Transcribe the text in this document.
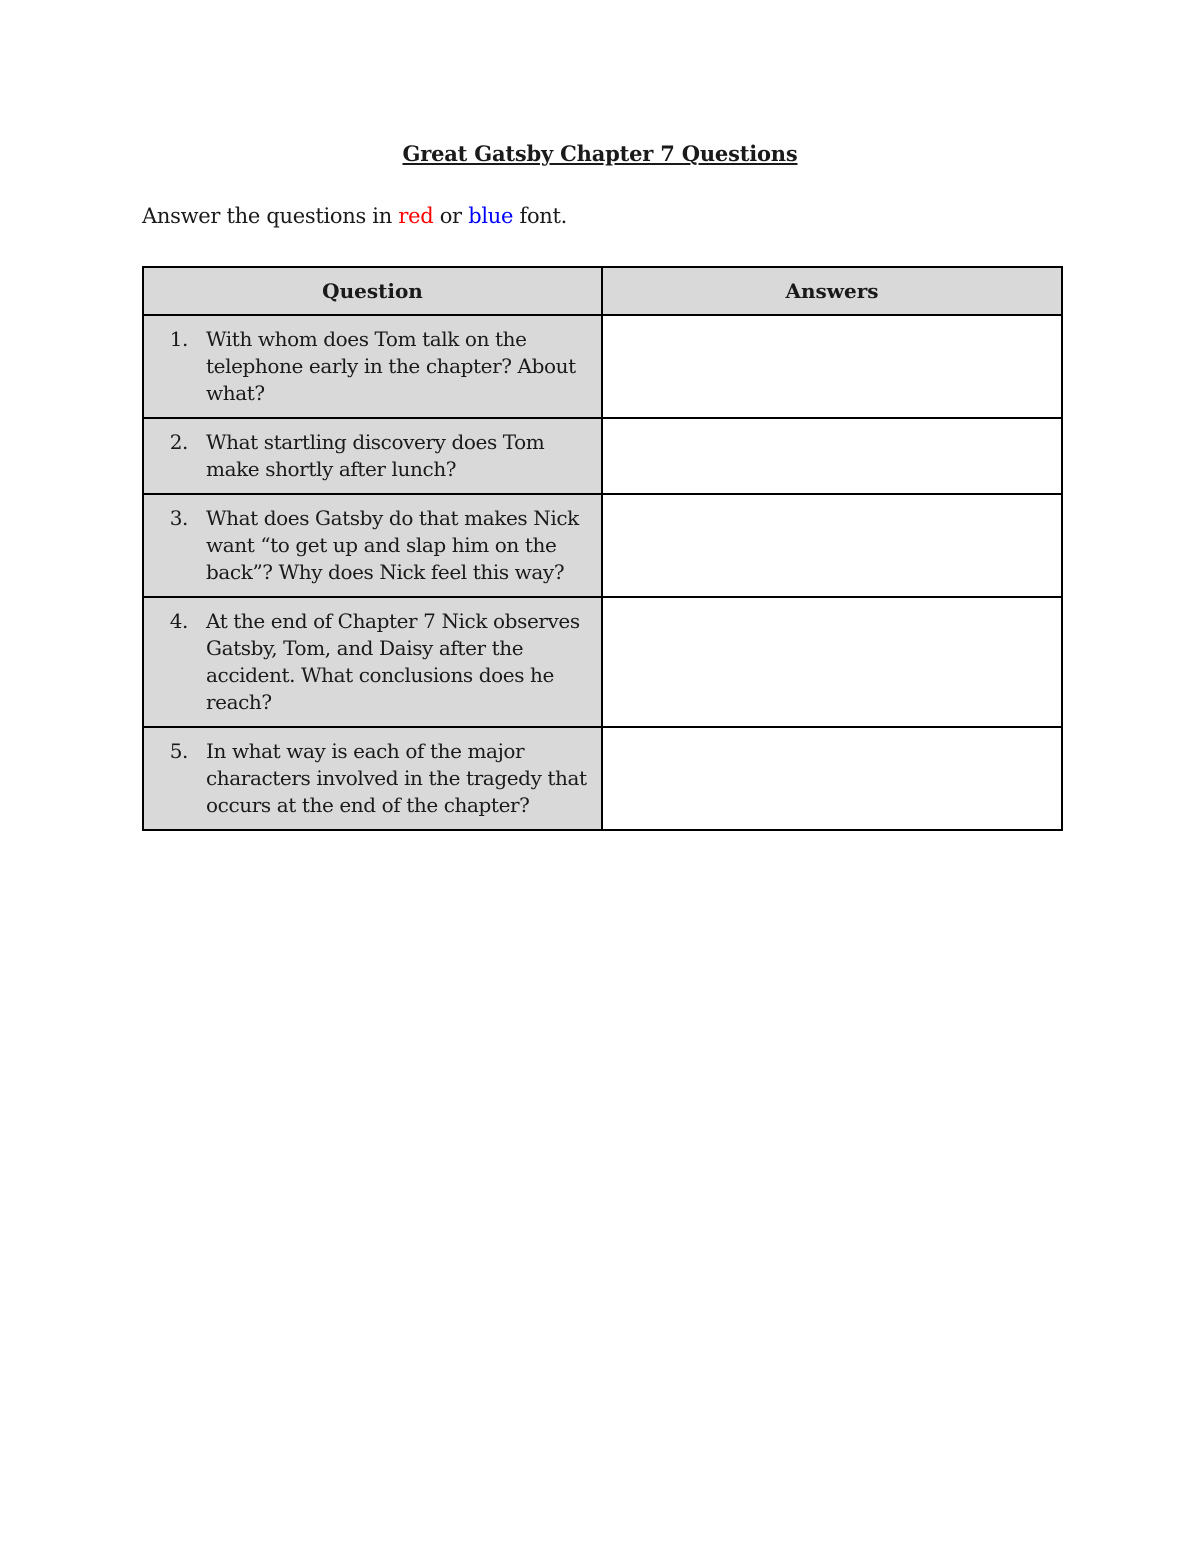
Great Gatsby Chapter 7 Questions
Answer the questions in red or blue font.
Question	Answers

1. With whom does Tom talk on the telephone early in the chapter? About what?	

2. What startling discovery does Tom make shortly after lunch?	

3. What does Gatsby do that makes Nick want “to get up and slap him on the back”? Why does Nick feel this way?	

4. At the end of Chapter 7 Nick observes Gatsby, Tom, and Daisy after the accident. What conclusions does he reach?	

5. In what way is each of the major characters involved in the tragedy that occurs at the end of the chapter?	
